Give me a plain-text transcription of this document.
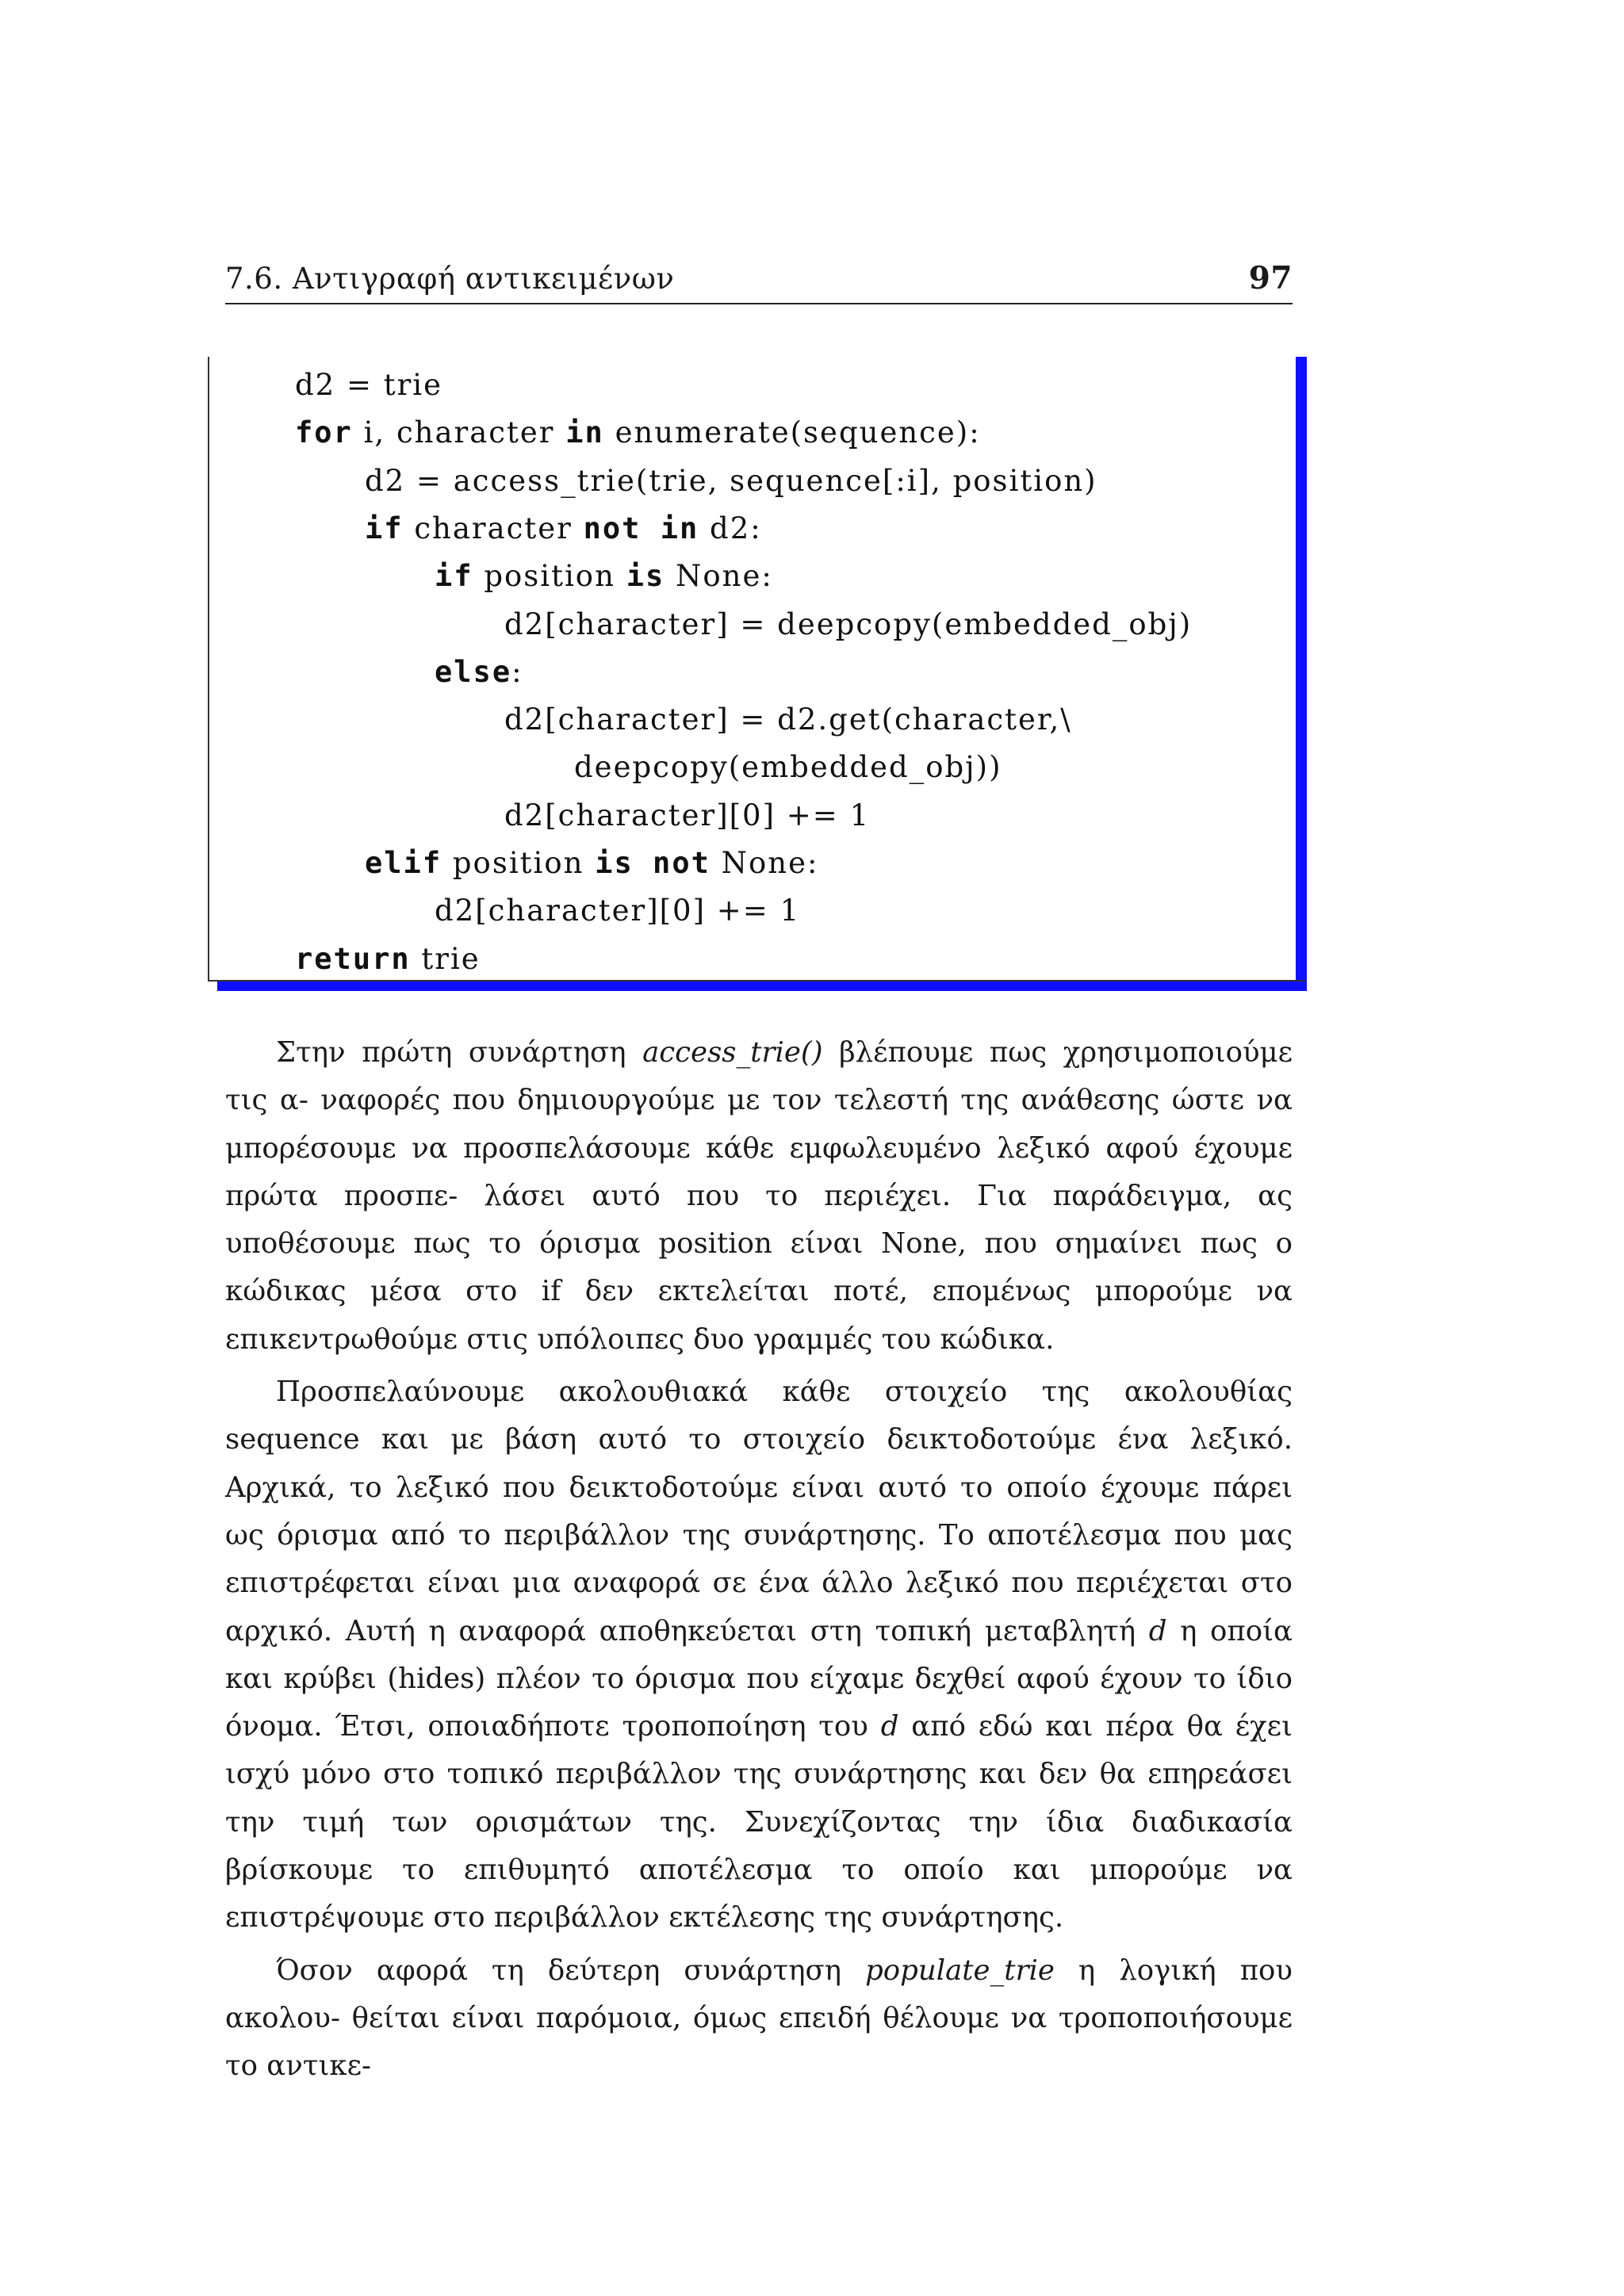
7.6. Αντιγραφή αντικειμένων	97
d2 = trie
for i, character in enumerate(sequence):
d2 = access_trie(trie, sequence[:i], position)
if character not in d2:
if position is None:
d2[character] = deepcopy(embedded_obj)
else:
d2[character] = d2.get(character,\
deepcopy(embedded_obj))
d2[character][0] += 1
elif position is not None:
d2[character][0] += 1
return trie

Στην πρώτη συνάρτηση access_trie() βλέπουμε πως χρησιμοποιούμε τις α- ναφορές που δημιουργούμε με τον τελεστή της ανάθεσης ώστε να μπορέσουμε να προσπελάσουμε κάθε εμφωλευμένο λεξικό αφού έχουμε πρώτα προσπε- λάσει αυτό που το περιέχει. Για παράδειγμα, ας υποθέσουμε πως το όρισμα position είναι None, που σημαίνει πως ο κώδικας μέσα στο if δεν εκτελείται ποτέ, επομένως μπορούμε να επικεντρωθούμε στις υπόλοιπες δυο γραμμές του κώδικα.

Προσπελαύνουμε ακολουθιακά κάθε στοιχείο της ακολουθίας sequence και με βάση αυτό το στοιχείο δεικτοδοτούμε ένα λεξικό. Αρχικά, το λεξικό που δεικτοδοτούμε είναι αυτό το οποίο έχουμε πάρει ως όρισμα από το περιβάλλον της συνάρτησης. Το αποτέλεσμα που μας επιστρέφεται είναι μια αναφορά σε ένα άλλο λεξικό που περιέχεται στο αρχικό. Αυτή η αναφορά αποθηκεύεται στη τοπική μεταβλητή d η οποία και κρύβει (hides) πλέον το όρισμα που είχαμε δεχθεί αφού έχουν το ίδιο όνομα. Έτσι, οποιαδήποτε τροποποίηση του d από εδώ και πέρα θα έχει ισχύ μόνο στο τοπικό περιβάλλον της συνάρτησης και δεν θα επηρεάσει την τιμή των ορισμάτων της. Συνεχίζοντας την ίδια διαδικασία βρίσκουμε το επιθυμητό αποτέλεσμα το οποίο και μπορούμε να επιστρέψουμε στο περιβάλλον εκτέλεσης της συνάρτησης.

Όσον αφορά τη δεύτερη συνάρτηση populate_trie η λογική που ακολου- θείται είναι παρόμοια, όμως επειδή θέλουμε να τροποποιήσουμε το αντικε-
